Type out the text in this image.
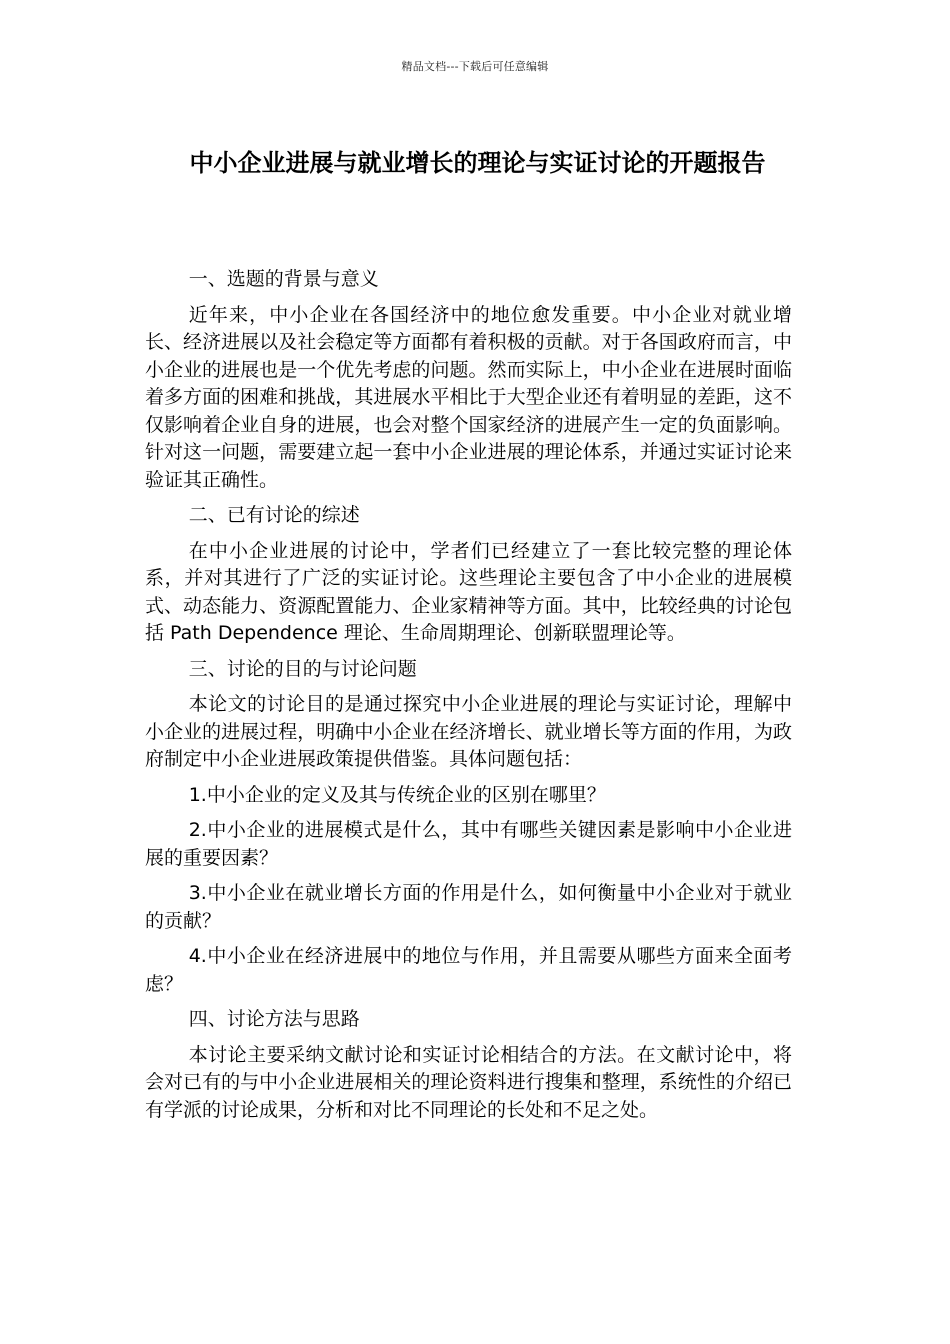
精品文档---下载后可任意编辑
中小企业进展与就业增长的理论与实证讨论的开题报告

一、选题的背景与意义

近年来，中小企业在各国经济中的地位愈发重要。中小企业对就业增长、经济进展以及社会稳定等方面都有着积极的贡献。对于各国政府而言，中小企业的进展也是一个优先考虑的问题。然而实际上，中小企业在进展时面临着多方面的困难和挑战，其进展水平相比于大型企业还有着明显的差距，这不仅影响着企业自身的进展，也会对整个国家经济的进展产生一定的负面影响。针对这一问题，需要建立起一套中小企业进展的理论体系，并通过实证讨论来验证其正确性。

二、已有讨论的综述

在中小企业进展的讨论中，学者们已经建立了一套比较完整的理论体系，并对其进行了广泛的实证讨论。这些理论主要包含了中小企业的进展模式、动态能力、资源配置能力、企业家精神等方面。其中，比较经典的讨论包括 Path Dependence 理论、生命周期理论、创新联盟理论等。

三、讨论的目的与讨论问题

本论文的讨论目的是通过探究中小企业进展的理论与实证讨论，理解中小企业的进展过程，明确中小企业在经济增长、就业增长等方面的作用，为政府制定中小企业进展政策提供借鉴。具体问题包括：

1.中小企业的定义及其与传统企业的区别在哪里？

2.中小企业的进展模式是什么，其中有哪些关键因素是影响中小企业进展的重要因素？

3.中小企业在就业增长方面的作用是什么，如何衡量中小企业对于就业的贡献？

4.中小企业在经济进展中的地位与作用，并且需要从哪些方面来全面考虑？

四、讨论方法与思路

本讨论主要采纳文献讨论和实证讨论相结合的方法。在文献讨论中，将会对已有的与中小企业进展相关的理论资料进行搜集和整理，系统性的介绍已有学派的讨论成果，分析和对比不同理论的长处和不足之处。
